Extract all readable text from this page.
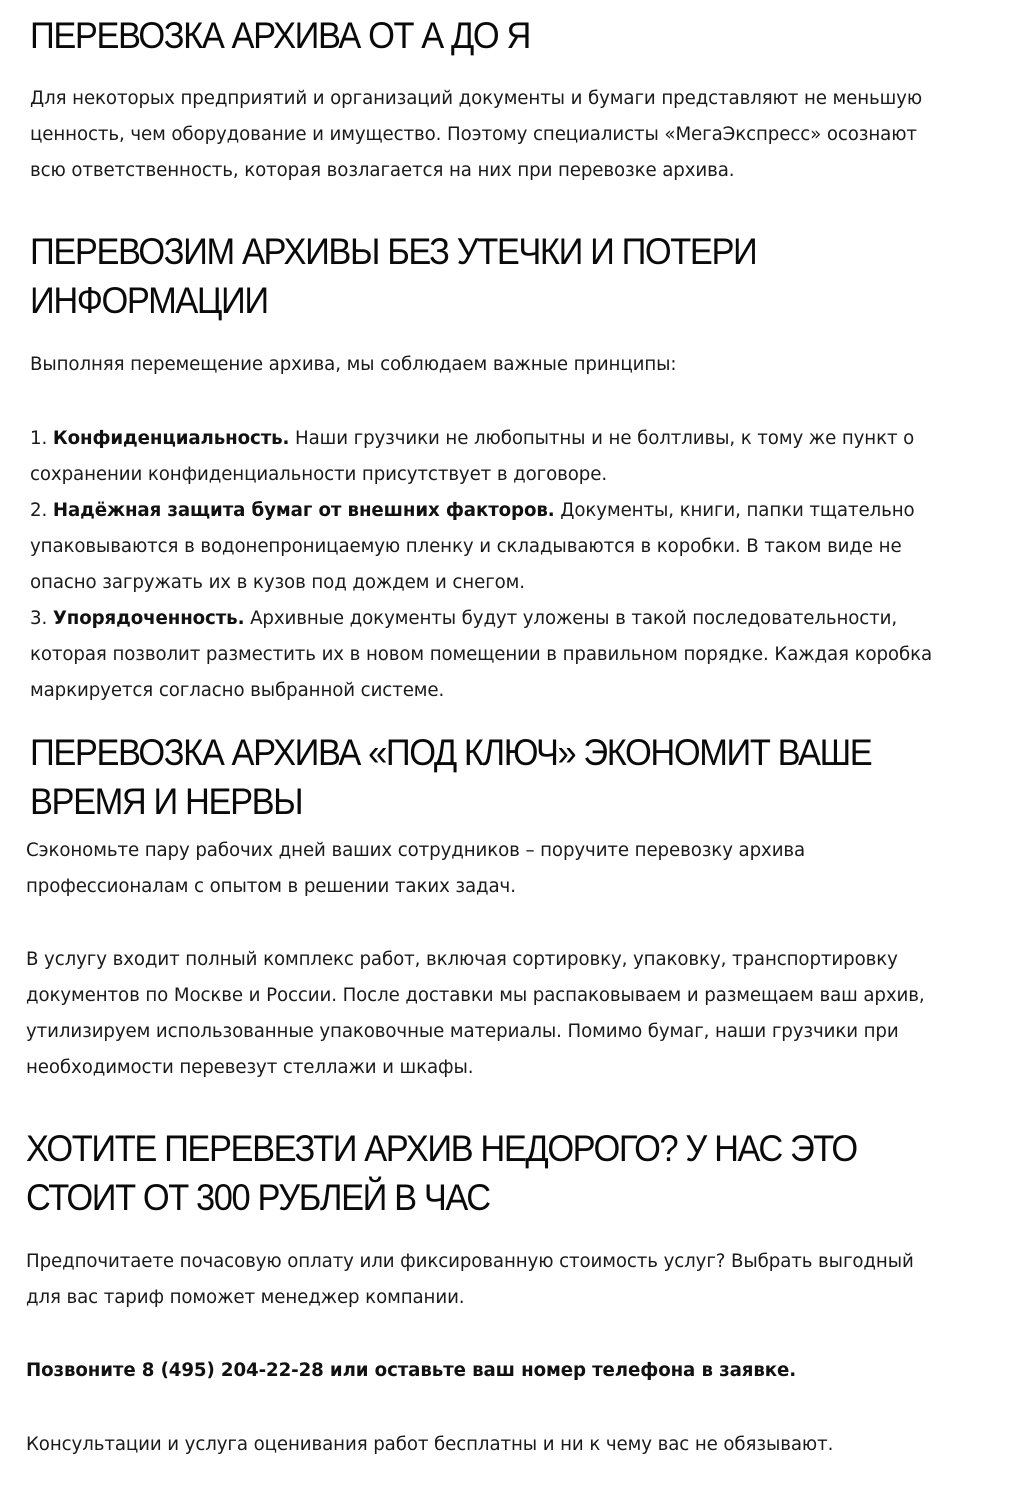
ПЕРЕВОЗКА АРХИВА ОТ А ДО Я

Для некоторых предприятий и организаций документы и бумаги представляют не меньшую
ценность, чем оборудование и имущество. Поэтому специалисты «МегаЭкспресс» осознают
всю ответственность, которая возлагается на них при перевозке архива.

ПЕРЕВОЗИМ АРХИВЫ БЕЗ УТЕЧКИ И ПОТЕРИ
ИНФОРМАЦИИ

Выполняя перемещение архива, мы соблюдаем важные принципы:

1. Конфиденциальность. Наши грузчики не любопытны и не болтливы, к тому же пункт о
сохранении конфиденциальности присутствует в договоре.
2. Надёжная защита бумаг от внешних факторов. Документы, книги, папки тщательно
упаковываются в водонепроницаемую пленку и складываются в коробки. В таком виде не
опасно загружать их в кузов под дождем и снегом.
3. Упорядоченность. Архивные документы будут уложены в такой последовательности,
которая позволит разместить их в новом помещении в правильном порядке. Каждая коробка
маркируется согласно выбранной системе.

ПЕРЕВОЗКА АРХИВА «ПОД КЛЮЧ» ЭКОНОМИТ ВАШЕ
ВРЕМЯ И НЕРВЫ

Сэкономьте пару рабочих дней ваших сотрудников – поручите перевозку архива
профессионалам с опытом в решении таких задач.

В услугу входит полный комплекс работ, включая сортировку, упаковку, транспортировку
документов по Москве и России. После доставки мы распаковываем и размещаем ваш архив,
утилизируем использованные упаковочные материалы. Помимо бумаг, наши грузчики при
необходимости перевезут стеллажи и шкафы.

ХОТИТЕ ПЕРЕВЕЗТИ АРХИВ НЕДОРОГО? У НАС ЭТО
СТОИТ ОТ 300 РУБЛЕЙ В ЧАС

Предпочитаете почасовую оплату или фиксированную стоимость услуг? Выбрать выгодный
для вас тариф поможет менеджер компании.

Позвоните 8 (495) 204-22-28 или оставьте ваш номер телефона в заявке.

Консультации и услуга оценивания работ бесплатны и ни к чему вас не обязывают.
